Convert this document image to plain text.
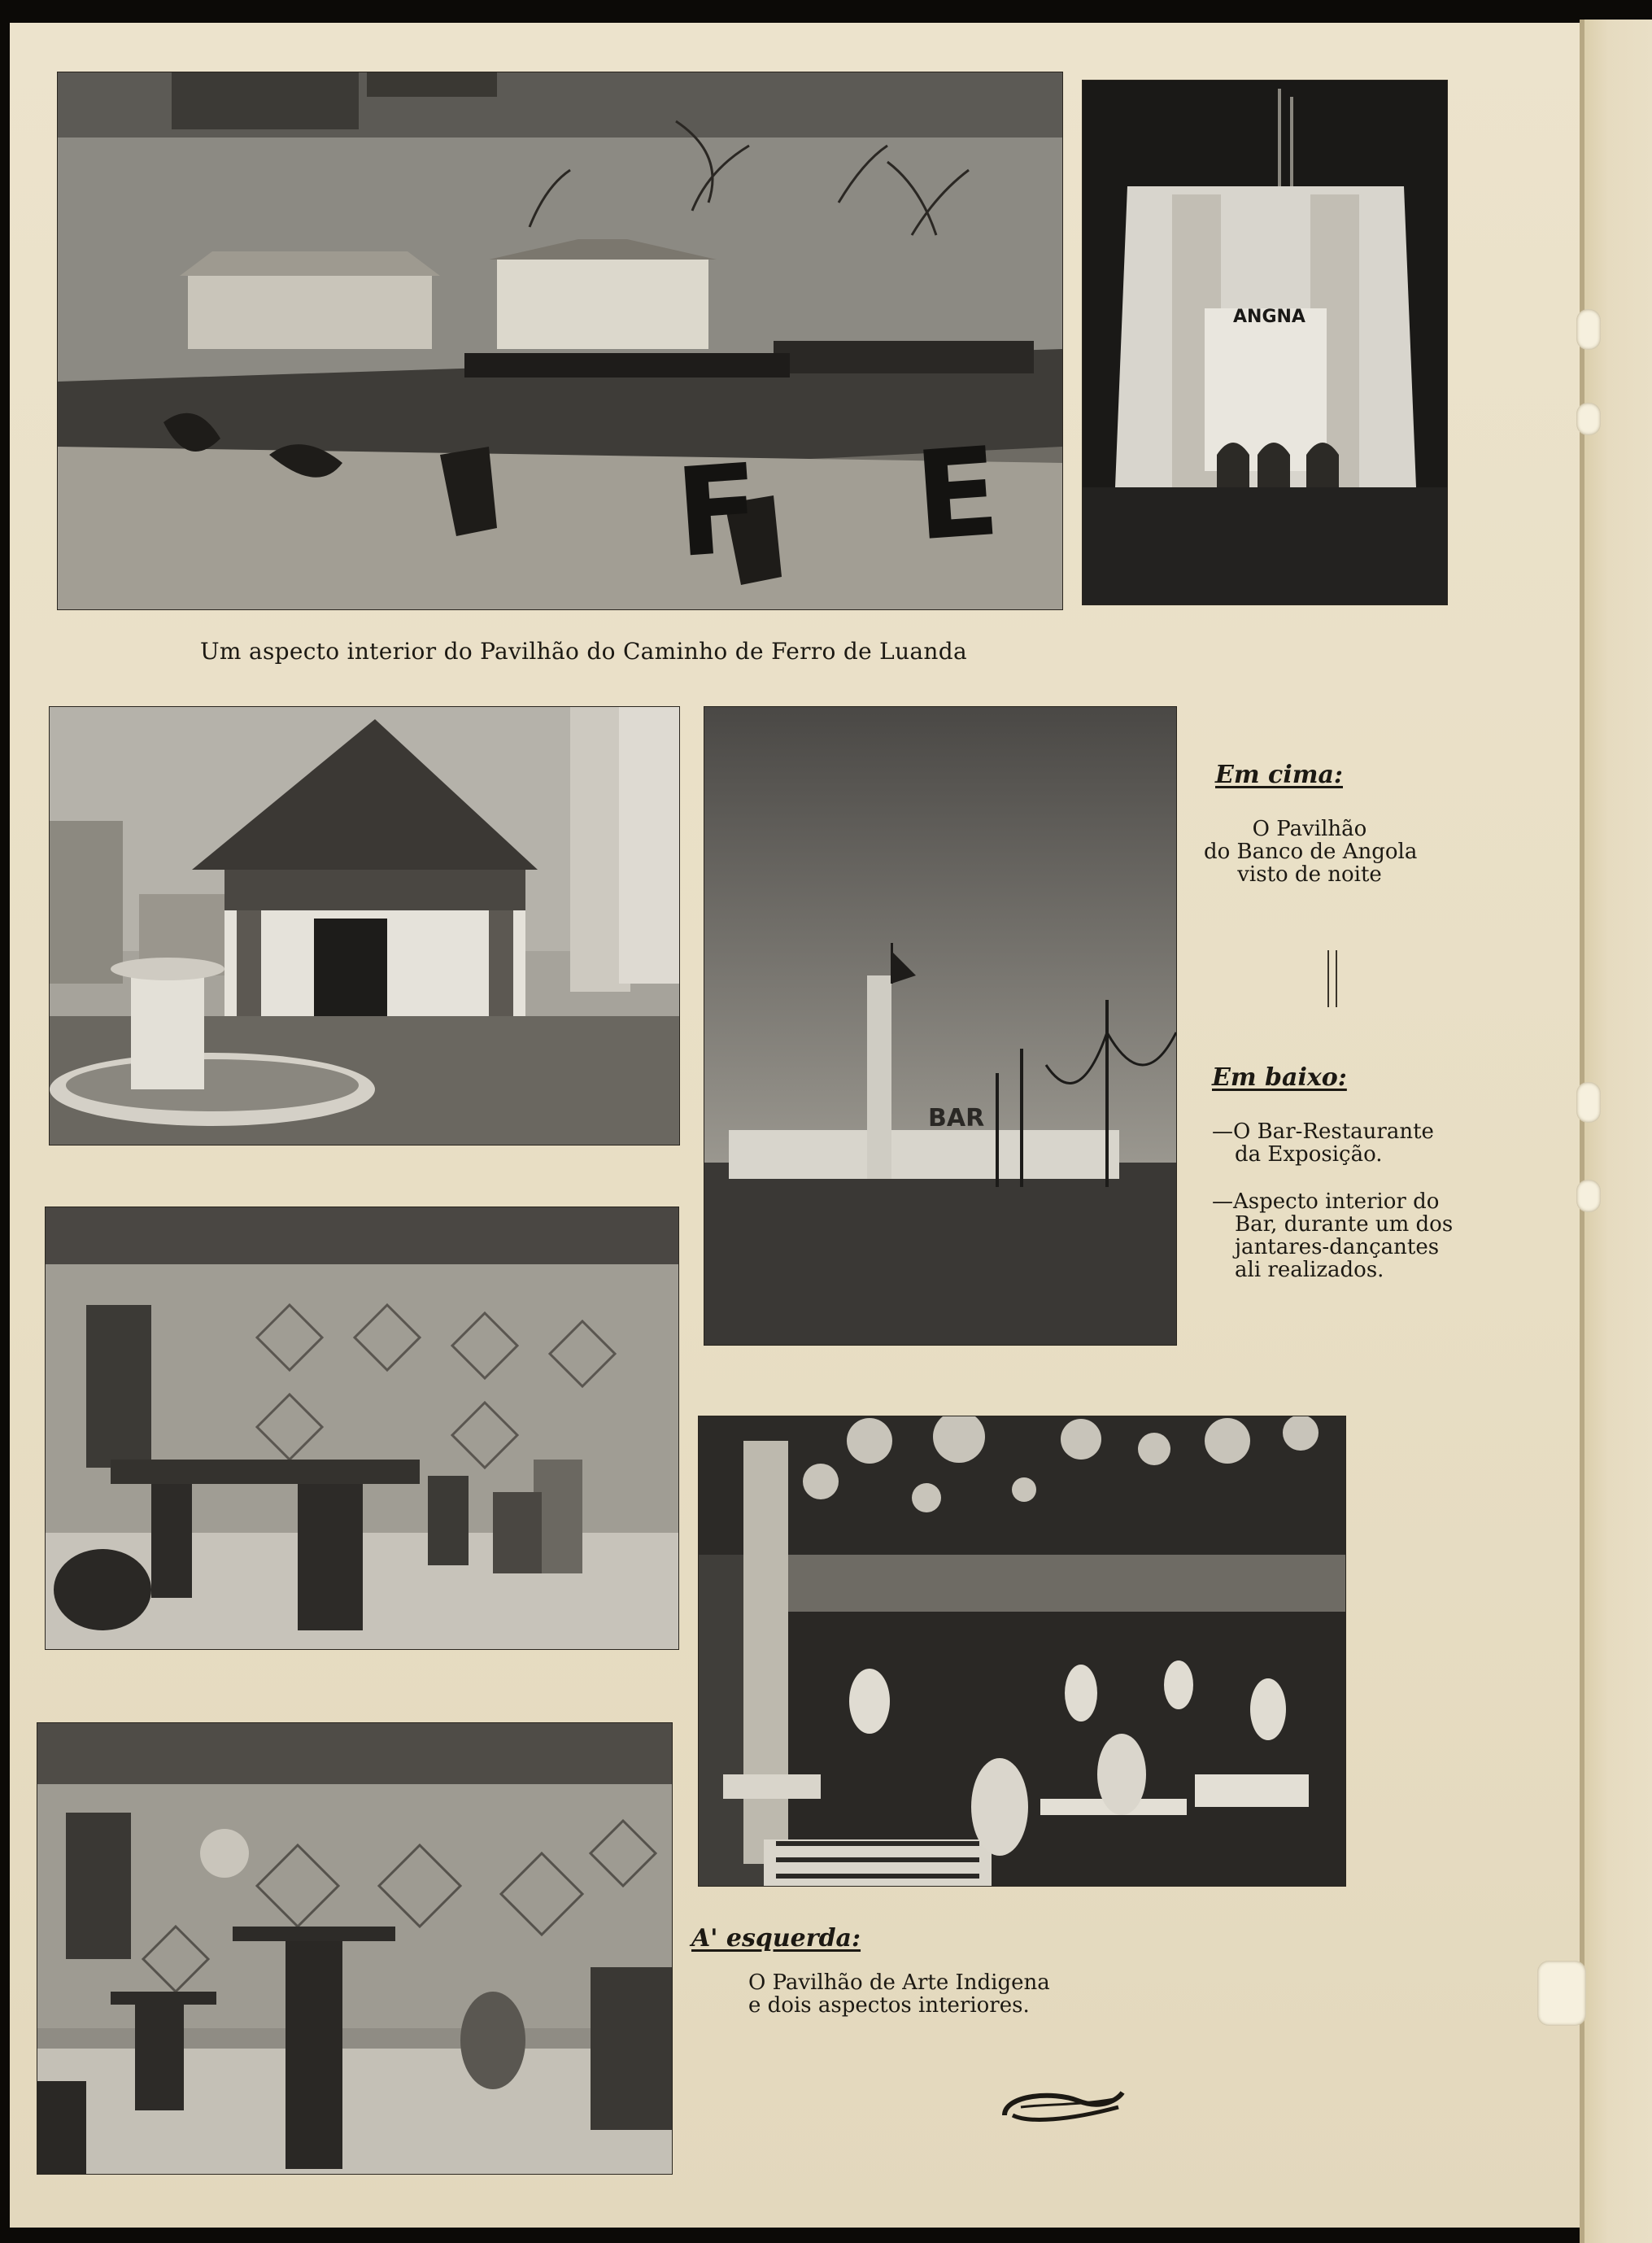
F E
ANGNA
Um aspecto interior do Pavilhão do Caminho de Ferro de Luanda
BAR
Em cima:
O Pavilhão
do Banco de Angola
visto de noite
Em baixo:
—O Bar-Restaurante
da Exposição.
—Aspecto interior do
Bar, durante um dos
jantares-dançantes
ali realizados.
A' esquerda:
O Pavilhão de Arte Indigena
e dois aspectos interiores.
